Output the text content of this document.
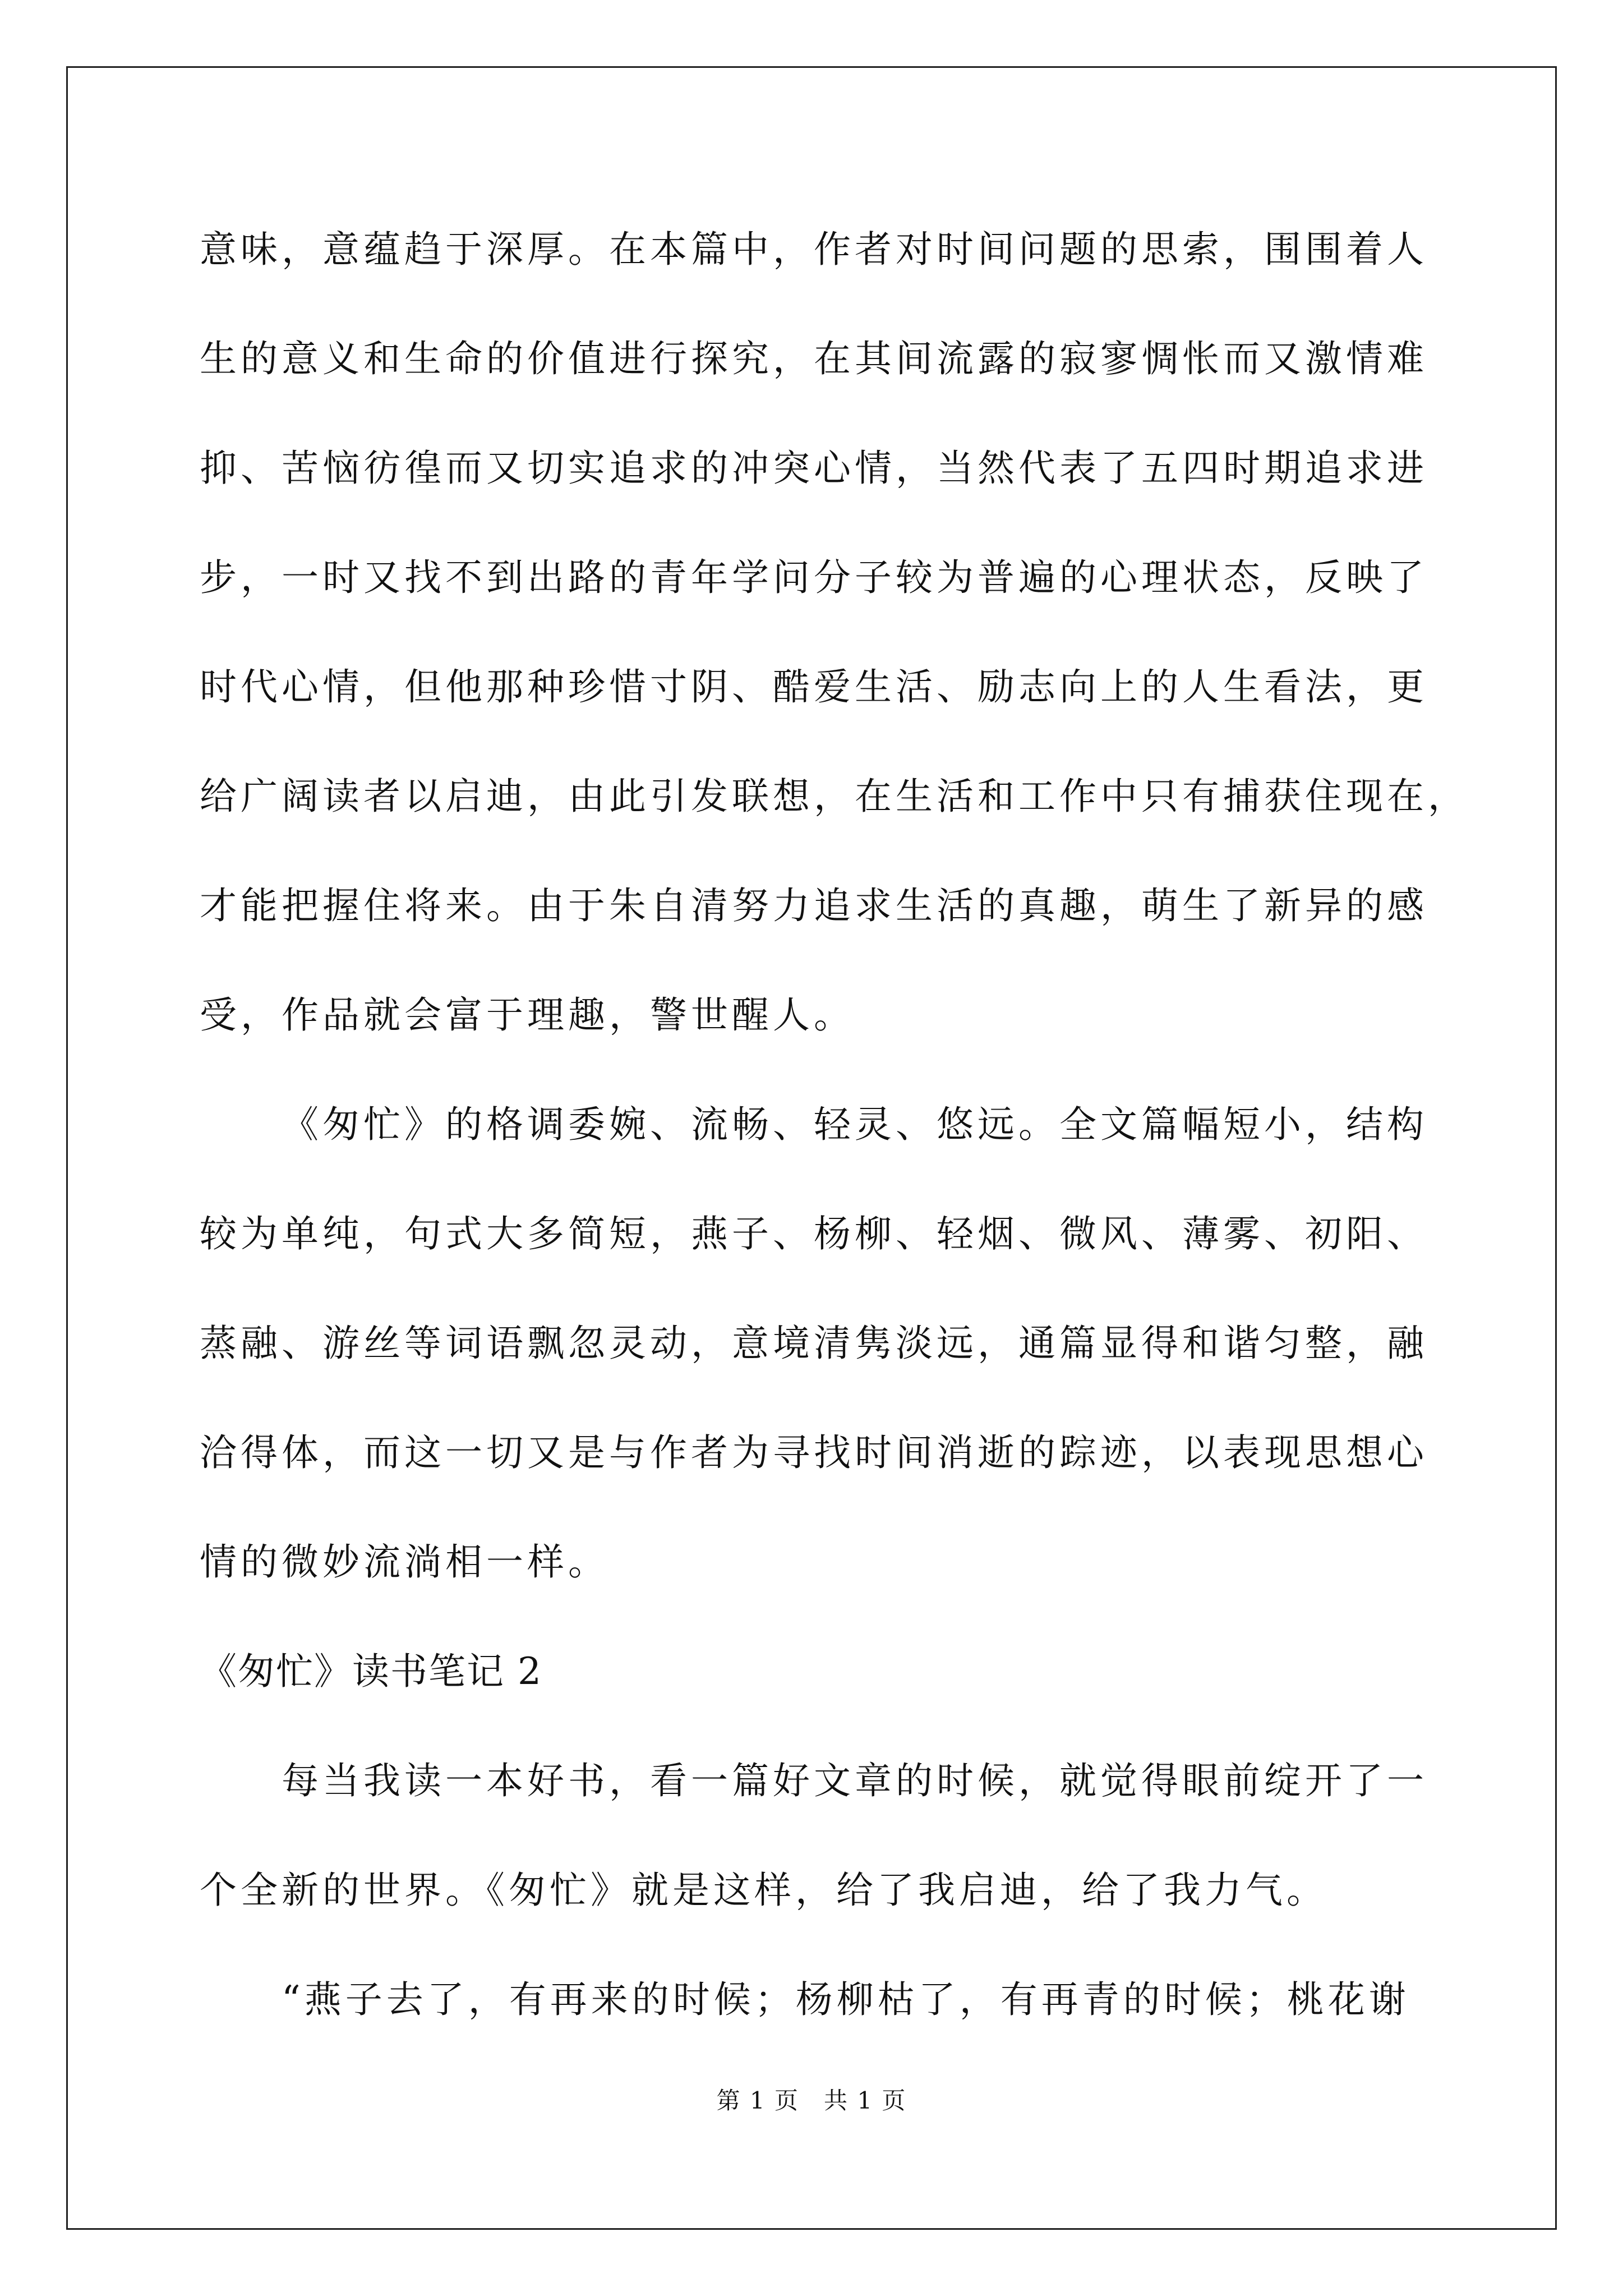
意味，意蕴趋于深厚。在本篇中，作者对时间问题的思索，围围着人
生的意义和生命的价值进行探究，在其间流露的寂寥惆怅而又激情难
抑、苦恼彷徨而又切实追求的冲突心情，当然代表了五四时期追求进
步，一时又找不到出路的青年学问分子较为普遍的心理状态，反映了
时代心情，但他那种珍惜寸阴、酷爱生活、励志向上的人生看法，更
给广阔读者以启迪，由此引发联想，在生活和工作中只有捕获住现在，
才能把握住将来。由于朱自清努力追求生活的真趣，萌生了新异的感
受，作品就会富于理趣，警世醒人。
《匆忙》的格调委婉、流畅、轻灵、悠远。全文篇幅短小，结构
较为单纯，句式大多简短，燕子、杨柳、轻烟、微风、薄雾、初阳、
蒸融、游丝等词语飘忽灵动，意境清隽淡远，通篇显得和谐匀整，融
洽得体，而这一切又是与作者为寻找时间消逝的踪迹，以表现思想心
情的微妙流淌相一样。
《匆忙》读书笔记 2
每当我读一本好书，看一篇好文章的时候，就觉得眼前绽开了一
个全新的世界。《匆忙》就是这样，给了我启迪，给了我力气。
“燕子去了，有再来的时候；杨柳枯了，有再青的时候；桃花谢
第 1 页　共 1 页
